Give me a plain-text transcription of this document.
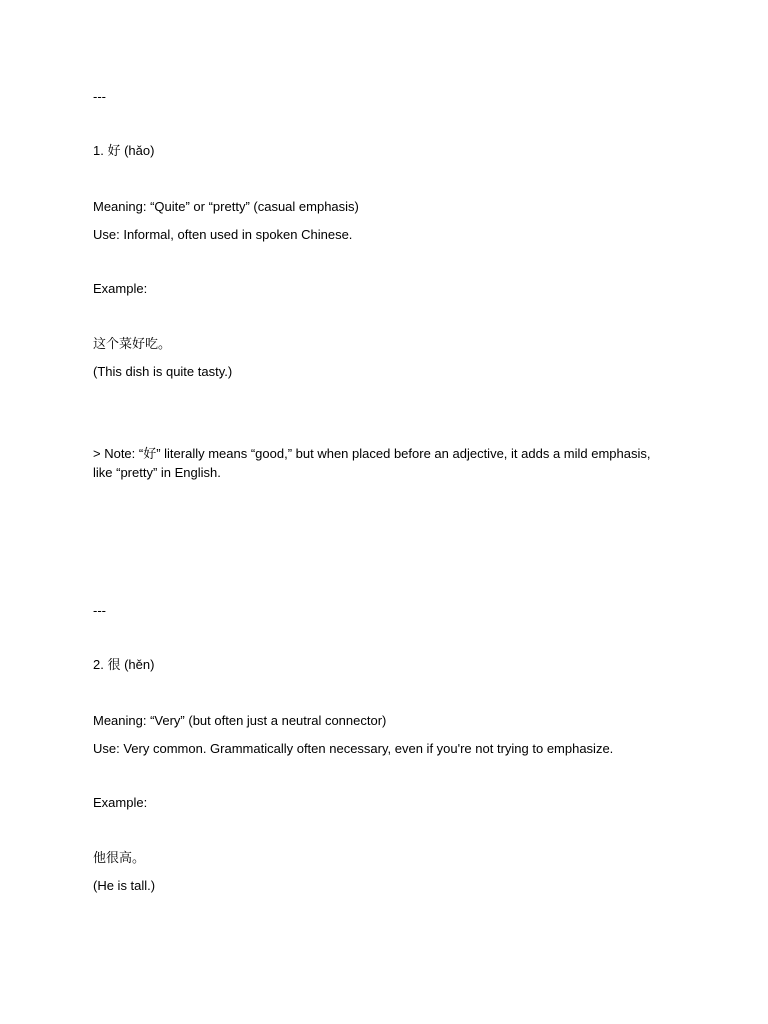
---
1. 好 (hǎo)
Meaning: “Quite” or “pretty” (casual emphasis)
Use: Informal, often used in spoken Chinese.
Example:
这个菜好吃。
(This dish is quite tasty.)
> Note: “好” literally means “good,” but when placed before an adjective, it adds a mild emphasis, like “pretty” in English.
---
2. 很 (hěn)
Meaning: “Very” (but often just a neutral connector)
Use: Very common. Grammatically often necessary, even if you're not trying to emphasize.
Example:
他很高。
(He is tall.)
